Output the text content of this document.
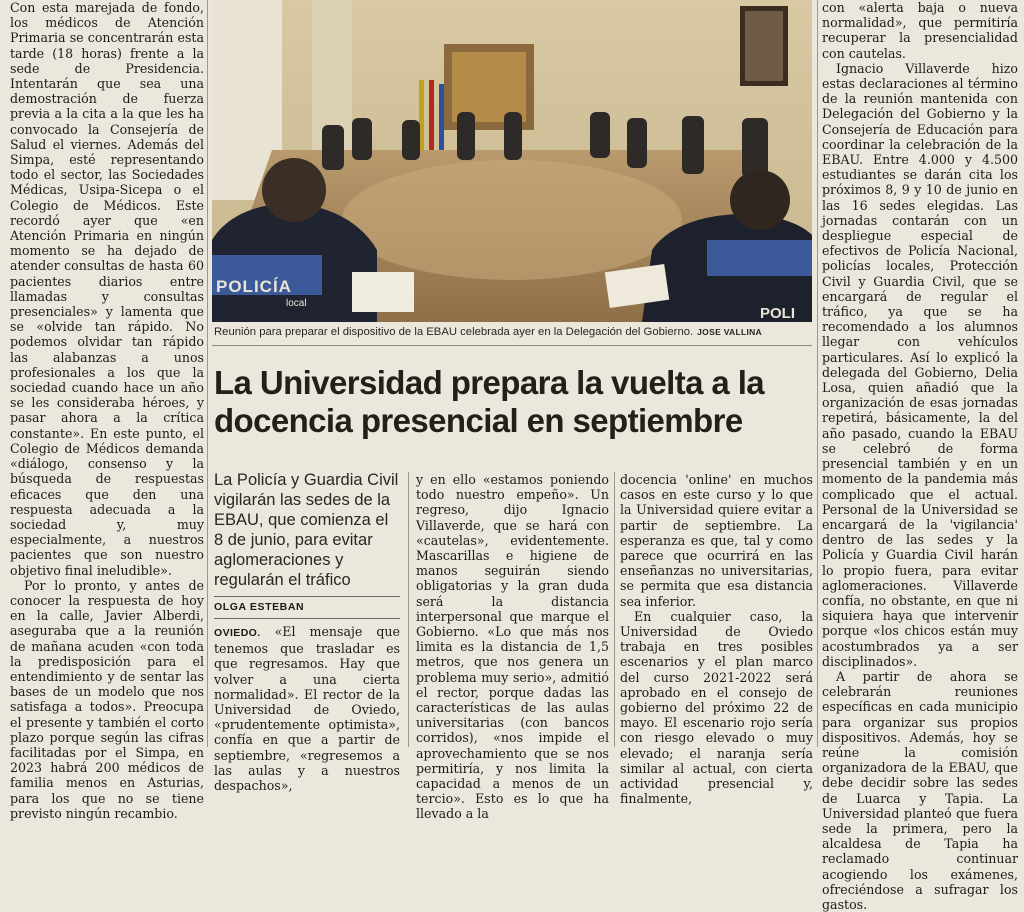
Con esta marejada de fondo, los médicos de Atención Primaria se concentrarán esta tarde (18 horas) frente a la sede de Presidencia. Intentarán que sea una demostración de fuerza previa a la cita a la que les ha convocado la Consejería de Salud el viernes. Además del Simpa, esté representando todo el sector, las Sociedades Médicas, Usipa-Sicepa o el Colegio de Médicos. Este recordó ayer que «en Atención Primaria en ningún momento se ha dejado de atender consultas de hasta 60 pacientes diarios entre llamadas y consultas presenciales» y lamenta que se «olvide tan rápido. No podemos olvidar tan rápido las alabanzas a unos profesionales a los que la sociedad cuando hace un año se les consideraba héroes, y pasar ahora a la crítica constante». En este punto, el Colegio de Médicos demanda «diálogo, consenso y la búsqueda de respuestas eficaces que den una respuesta adecuada a la sociedad y, muy especialmente, a nuestros pacientes que son nuestro objetivo final ineludible».

Por lo pronto, y antes de conocer la respuesta de hoy en la calle, Javier Alberdi, aseguraba que a la reunión de mañana acuden «con toda la predisposición para el entendimiento y de sentar las bases de un modelo que nos satisfaga a todos». Preocupa el presente y también el corto plazo porque según las cifras facilitadas por el Simpa, en 2023 habrá 200 médicos de familia menos en Asturias, para los que no se tiene previsto ningún recambio.

POLICÍA
local
POLI
Reunión para preparar el dispositivo de la EBAU celebrada ayer en la Delegación del Gobierno. JOSE VALLINA
La Universidad prepara la vuelta a la docencia presencial en septiembre
La Policía y Guardia Civil vigilarán las sedes de la EBAU, que comienza el 8 de junio, para evitar aglomeraciones y regularán el tráfico
OLGA ESTEBAN

OVIEDO. «El mensaje que tenemos que trasladar es que regresamos. Hay que volver a una cierta normalidad». El rector de la Universidad de Oviedo, «prudentemente optimista», confía en que a partir de septiembre, «regresemos a las aulas y a nuestros despachos»,

y en ello «estamos poniendo todo nuestro empeño». Un regreso, dijo Ignacio Villaverde, que se hará con «cautelas», evidentemente. Mascarillas e higiene de manos seguirán siendo obligatorias y la gran duda será la distancia interpersonal que marque el Gobierno. «Lo que más nos limita es la distancia de 1,5 metros, que nos genera un problema muy serio», admitió el rector, porque dadas las características de las aulas universitarias (con bancos corridos), «nos impide el aprovechamiento que se nos permitiría, y nos limita la capacidad a menos de un tercio». Esto es lo que ha llevado a la

docencia 'online' en muchos casos en este curso y lo que la Universidad quiere evitar a partir de septiembre. La esperanza es que, tal y como parece que ocurrirá en las enseñanzas no universitarias, se permita que esa distancia sea inferior.

En cualquier caso, la Universidad de Oviedo trabaja en tres posibles escenarios y el plan marco del curso 2021-2022 será aprobado en el consejo de gobierno del próximo 22 de mayo. El escenario rojo sería con riesgo elevado o muy elevado; el naranja sería similar al actual, con cierta actividad presencial y, finalmente,

con «alerta baja o nueva normalidad», que permitiría recuperar la presencialidad con cautelas.

Ignacio Villaverde hizo estas declaraciones al término de la reunión mantenida con Delegación del Gobierno y la Consejería de Educación para coordinar la celebración de la EBAU. Entre 4.000 y 4.500 estudiantes se darán cita los próximos 8, 9 y 10 de junio en las 16 sedes elegidas. Las jornadas contarán con un despliegue especial de efectivos de Policía Nacional, policías locales, Protección Civil y Guardia Civil, que se encargará de regular el tráfico, ya que se ha recomendado a los alumnos llegar con vehículos particulares. Así lo explicó la delegada del Gobierno, Delia Losa, quien añadió que la organización de esas jornadas repetirá, básicamente, la del año pasado, cuando la EBAU se celebró de forma presencial también y en un momento de la pandemia más complicado que el actual. Personal de la Universidad se encargará de la 'vigilancia' dentro de las sedes y la Policía y Guardia Civil harán lo propio fuera, para evitar aglomeraciones. Villaverde confía, no obstante, en que ni siquiera haya que intervenir porque «los chicos están muy acostumbrados ya a ser disciplinados».

A partir de ahora se celebrarán reuniones específicas en cada municipio para organizar sus propios dispositivos. Además, hoy se reúne la comisión organizadora de la EBAU, que debe decidir sobre las sedes de Luarca y Tapia. La Universidad planteó que fuera sede la primera, pero la alcaldesa de Tapia ha reclamado continuar acogiendo los exámenes, ofreciéndose a sufragar los gastos.
